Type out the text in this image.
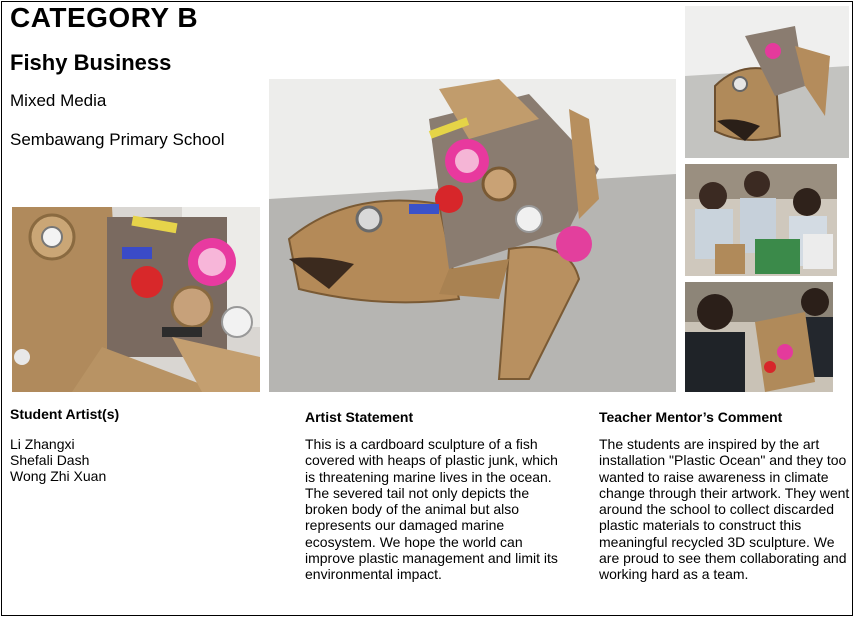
CATEGORY B
Fishy Business
Mixed Media
Sembawang Primary School
Student Artist(s)
Li Zhangxi
Shefali Dash
Wong Zhi Xuan
Artist Statement
This is a cardboard sculpture of a fish covered with heaps of plastic junk, which is threatening marine lives in the ocean. The severed tail not only depicts the broken body of the animal but also represents our damaged marine ecosystem. We hope the world can improve plastic management and limit its environmental impact.
Teacher Mentor’s Comment
The students are inspired by the art installation "Plastic Ocean" and they too wanted to raise awareness in climate change through their artwork. They went around the school to collect discarded plastic materials to construct this meaningful recycled 3D sculpture. We are proud to see them collaborating and working hard as a team.
